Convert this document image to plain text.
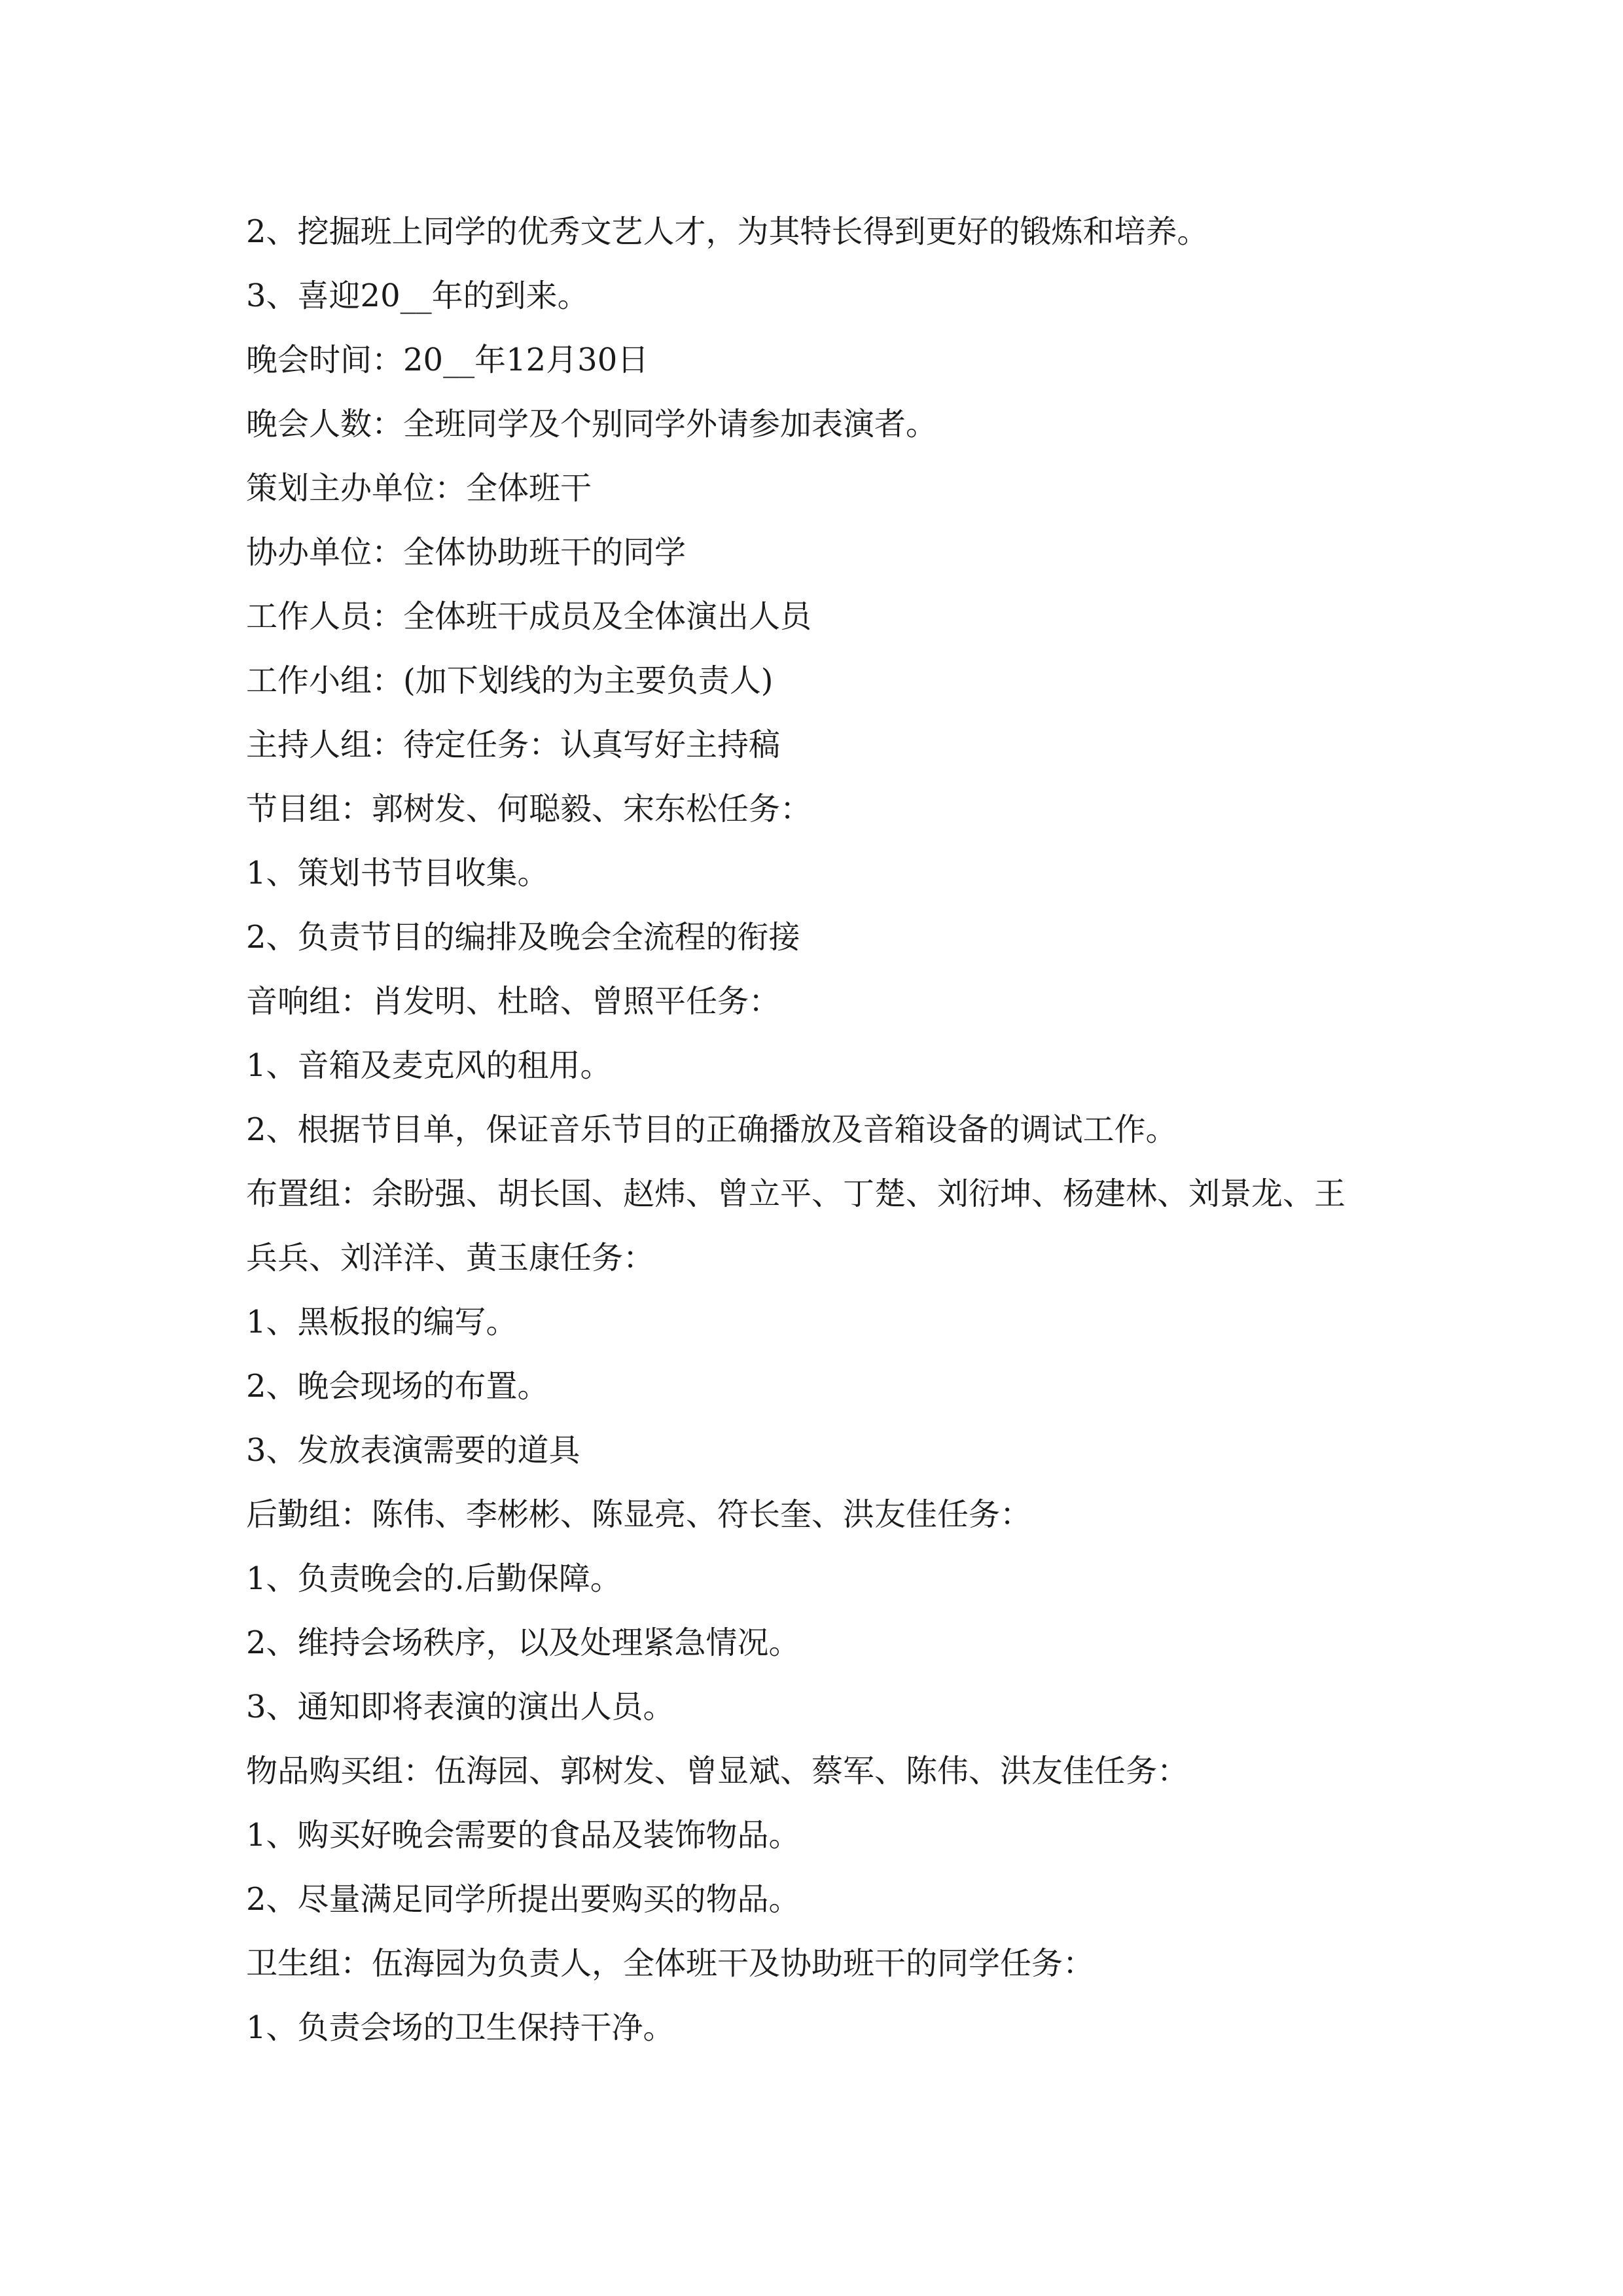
2、挖掘班上同学的优秀文艺人才，为其特长得到更好的锻炼和培养。
3、喜迎20__年的到来。
晚会时间：20__年12月30日
晚会人数：全班同学及个别同学外请参加表演者。
策划主办单位：全体班干
协办单位：全体协助班干的同学
工作人员：全体班干成员及全体演出人员
工作小组：(加下划线的为主要负责人)
主持人组：待定任务：认真写好主持稿
节目组：郭树发、何聪毅、宋东松任务：
1、策划书节目收集。
2、负责节目的编排及晚会全流程的衔接
音响组：肖发明、杜晗、曾照平任务：
1、音箱及麦克风的租用。
2、根据节目单，保证音乐节目的正确播放及音箱设备的调试工作。
布置组：余盼强、胡长国、赵炜、曾立平、丁楚、刘衍坤、杨建林、刘景龙、王
兵兵、刘洋洋、黄玉康任务：
1、黑板报的编写。
2、晚会现场的布置。
3、发放表演需要的道具
后勤组：陈伟、李彬彬、陈显亮、符长奎、洪友佳任务：
1、负责晚会的.后勤保障。
2、维持会场秩序，以及处理紧急情况。
3、通知即将表演的演出人员。
物品购买组：伍海园、郭树发、曾显斌、蔡军、陈伟、洪友佳任务：
1、购买好晚会需要的食品及装饰物品。
2、尽量满足同学所提出要购买的物品。
卫生组：伍海园为负责人，全体班干及协助班干的同学任务：
1、负责会场的卫生保持干净。
